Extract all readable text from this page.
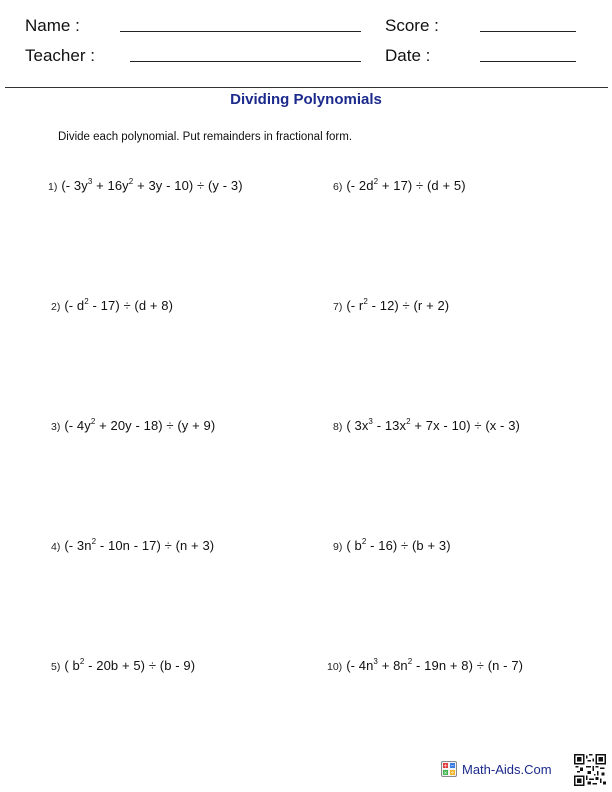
Name :	Score :
Teacher :	Date :
Dividing Polynomials
Divide each polynomial. Put remainders in fractional form.
1) (- $3y^3 + 16y^2 + 3y - 10) \div (y - 3)$
2) (- $d^2 - 17) \div (d + 8)$
3) (- $4y^2 + 20y - 18) \div (y + 9)$
4) (- $3n^2 - 10n - 17) \div (n + 3)$
5) ( $b^2 - 20b + 5) \div (b - 9)$
6) (- $2d^2 + 17) \div (d + 5)$
7) (- $r^2 - 12) \div (r + 2)$
8) ( $3x^3 - 13x^2 + 7x - 10) \div (x - 3)$
9) ( $b^2 - 16) \div (b + 3)$
10) (- $4n^3 + 8n^2 - 19n + 8) \div (n - 7)$
+ −
× ÷ Math-Aids.Com
